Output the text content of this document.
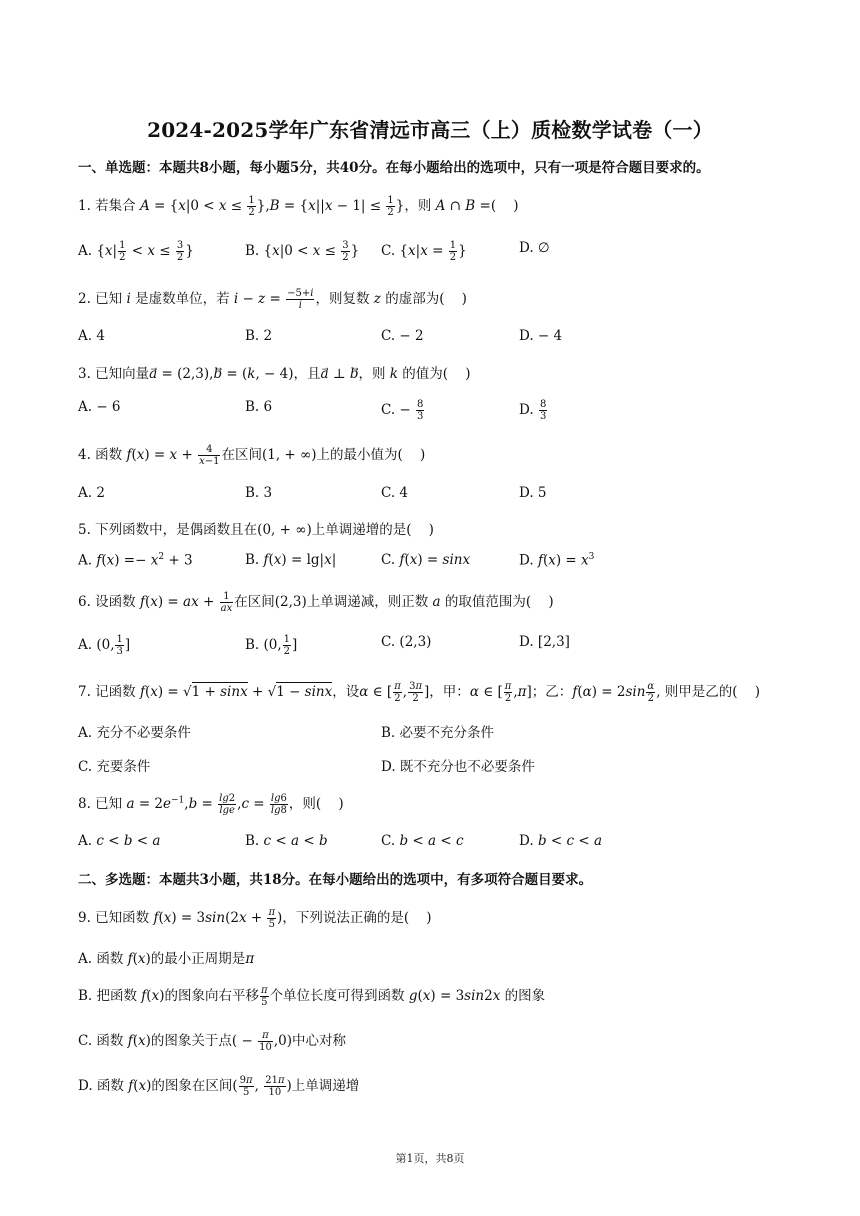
2024-2025学年广东省清远市高三（上）质检数学试卷（一）
一、单选题：本题共8小题，每小题5分，共40分。在每小题给出的选项中，只有一项是符合题目要求的。
1. 若集合 $A = \{x|0 < x \le \frac{1}{2} \},B = \{x||x - 1| \le \frac{1}{2}$ }，则 A ∩ B =(    )
A. {$x| \frac{1}{2} < x \le \frac{3}{2}$ }	B. {$x|0 < x \le \frac{3}{2}$ } C. {$x|x = \frac{1}{2}$ }	D. ∅
2. 已知 i 是虚数单位，若 $i - z = \frac{-5+i}{i}$ ，则复数 z 的虚部为(    )
A. 4	B. 2	C. − 2	D. − 4
3. 已知向量a⃗ = (2,3),b⃗ = (k, − 4)，且a⃗ ⊥ b⃗，则 k 的值为(    )
A. − 6	B. 6	C. − $\frac{8}{3}$	D. $\frac{8}{3}$
4. 函数 $f(x) = x + \frac{4}{x-1}$ 在区间(1, + ∞)上的最小值为(    )
A. 2	B. 3	C. 4	D. 5
5. 下列函数中，是偶函数且在(0, + ∞)上单调递增的是(    )
A. $f(x) =- x^2 + 3$	B. f(x) = lg|x|	C. f(x) = sinx	D. $f(x) = x^3$
6. 设函数 f(x) = ax + $\frac{1}{ax}$ 在区间(2,3)上单调递减，则正数 a 的取值范围为(    )
A. (0, $\frac{1}{3}$ ]	B. (0, $\frac{1}{2}$ ]	C. (2,3)	D. [2,3]
7. 记函数 f(x) = √1 + sinx + √1 − sinx，设α ∈ [ $\frac{\pi}{2}$ , $\frac{3\pi}{2}$ ]，甲：α ∈ [ $\frac{\pi}{2} ,\pi$]；乙：$f(\alpha) = 2\sin \frac{\alpha}{2}$ , 则甲是乙的(    )
A. 充分不必要条件	B. 必要不充分条件
C. 充要条件	D. 既不充分也不必要条件
8. 已知 $a = 2e^{-1},b = \frac{\lg 2}{\lg e} ,c = \frac{\lg 6}{\lg 8}$ ，则(    )
A. c < b < a	B. c < a < b	C. b < a < c	D. b < c < a
二、多选题：本题共3小题，共18分。在每小题给出的选项中，有多项符合题目要求。
9. 已知函数 $f(x) = 3\sin(2x + \frac{\pi}{5}$ )，下列说法正确的是(    )
A. 函数 f(x)的最小正周期是π
B. 把函数 f(x)的图象向右平移 $\frac{\pi}{5}$ 个单位长度可得到函数 g(x) = 3sin2x 的图象
C. 函数 f(x)的图象关于点( − $\frac{\pi}{10} ,0$)中心对称
D. 函数 f(x)的图象在区间( $\frac{9\pi}{5}$ , $\frac{21\pi}{10}$ )上单调递增
第1页，共8页
